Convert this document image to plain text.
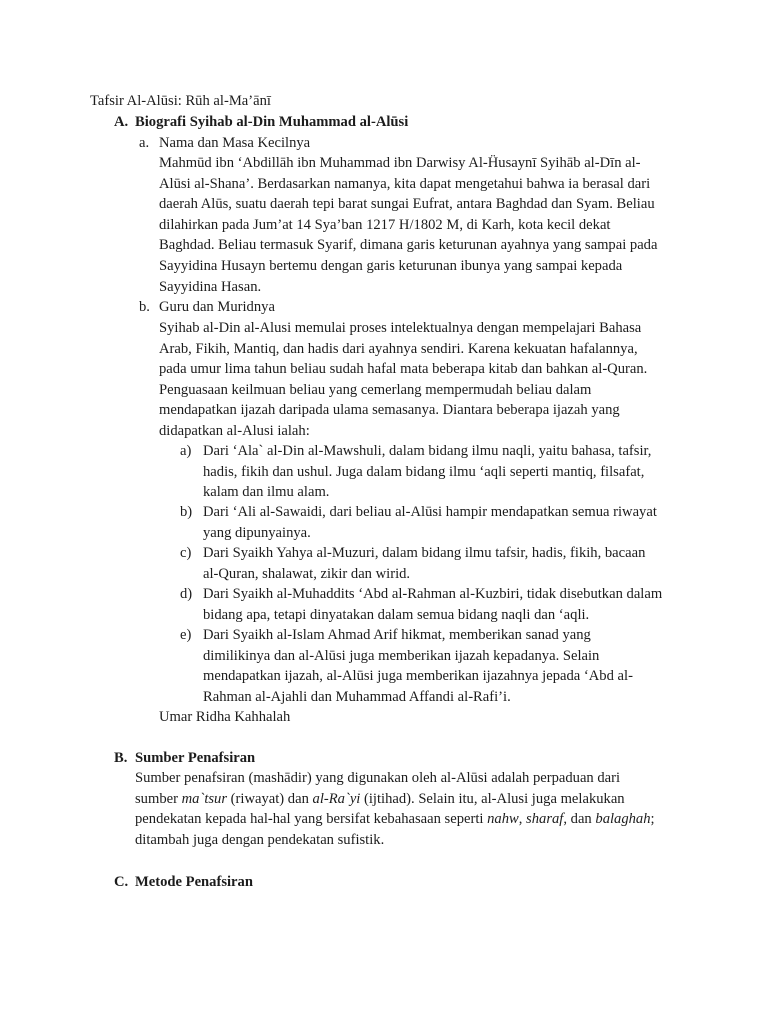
Tafsir Al-Alūsi: Rūh al-Ma’ānī
A. Biografi Syihab al-Din Muhammad al-Alūsi
a. Nama dan Masa Kecilnya
Mahmūd ibn ‘Abdillāh ibn Muhammad ibn Darwisy Al-Ḧusaynī Syihāb al-Dīn al-
Alūsi al-Shana’. Berdasarkan namanya, kita dapat mengetahui bahwa ia berasal dari
daerah Alūs, suatu daerah tepi barat sungai Eufrat, antara Baghdad dan Syam. Beliau
dilahirkan pada Jum’at 14 Sya’ban 1217 H/1802 M, di Karh, kota kecil dekat
Baghdad. Beliau termasuk Syarif, dimana garis keturunan ayahnya yang sampai pada
Sayyidina Husayn bertemu dengan garis keturunan ibunya yang sampai kepada
Sayyidina Hasan.
b. Guru dan Muridnya
Syihab al-Din al-Alusi memulai proses intelektualnya dengan mempelajari Bahasa
Arab, Fikih, Mantiq, dan hadis dari ayahnya sendiri. Karena kekuatan hafalannya,
pada umur lima tahun beliau sudah hafal mata beberapa kitab dan bahkan al-Quran.
Penguasaan keilmuan beliau yang cemerlang mempermudah beliau dalam
mendapatkan ijazah daripada ulama semasanya. Diantara beberapa ijazah yang
didapatkan al-Alusi ialah:
a) Dari ‘Ala` al-Din al-Mawshuli, dalam bidang ilmu naqli, yaitu bahasa, tafsir,
hadis, fikih dan ushul. Juga dalam bidang ilmu ‘aqli seperti mantiq, filsafat,
kalam dan ilmu alam.
b) Dari ‘Ali al-Sawaidi, dari beliau al-Alūsi hampir mendapatkan semua riwayat
yang dipunyainya.
c) Dari Syaikh Yahya al-Muzuri, dalam bidang ilmu tafsir, hadis, fikih, bacaan
al-Quran, shalawat, zikir dan wirid.
d) Dari Syaikh al-Muhaddits ‘Abd al-Rahman al-Kuzbiri, tidak disebutkan dalam
bidang apa, tetapi dinyatakan dalam semua bidang naqli dan ‘aqli.
e) Dari Syaikh al-Islam Ahmad Arif hikmat, memberikan sanad yang
dimilikinya dan al-Alūsi juga memberikan ijazah kepadanya. Selain
mendapatkan ijazah, al-Alūsi juga memberikan ijazahnya jepada ‘Abd al-
Rahman al-Ajahli dan Muhammad Affandi al-Rafi’i.
Umar Ridha Kahhalah
B. Sumber Penafsiran
Sumber penafsiran (mashādir) yang digunakan oleh al-Alūsi adalah perpaduan dari
sumber ma`tsur (riwayat) dan al-Ra`yi (ijtihad). Selain itu, al-Alusi juga melakukan
pendekatan kepada hal-hal yang bersifat kebahasaan seperti nahw, sharaf, dan balaghah;
ditambah juga dengan pendekatan sufistik.
C. Metode Penafsiran
